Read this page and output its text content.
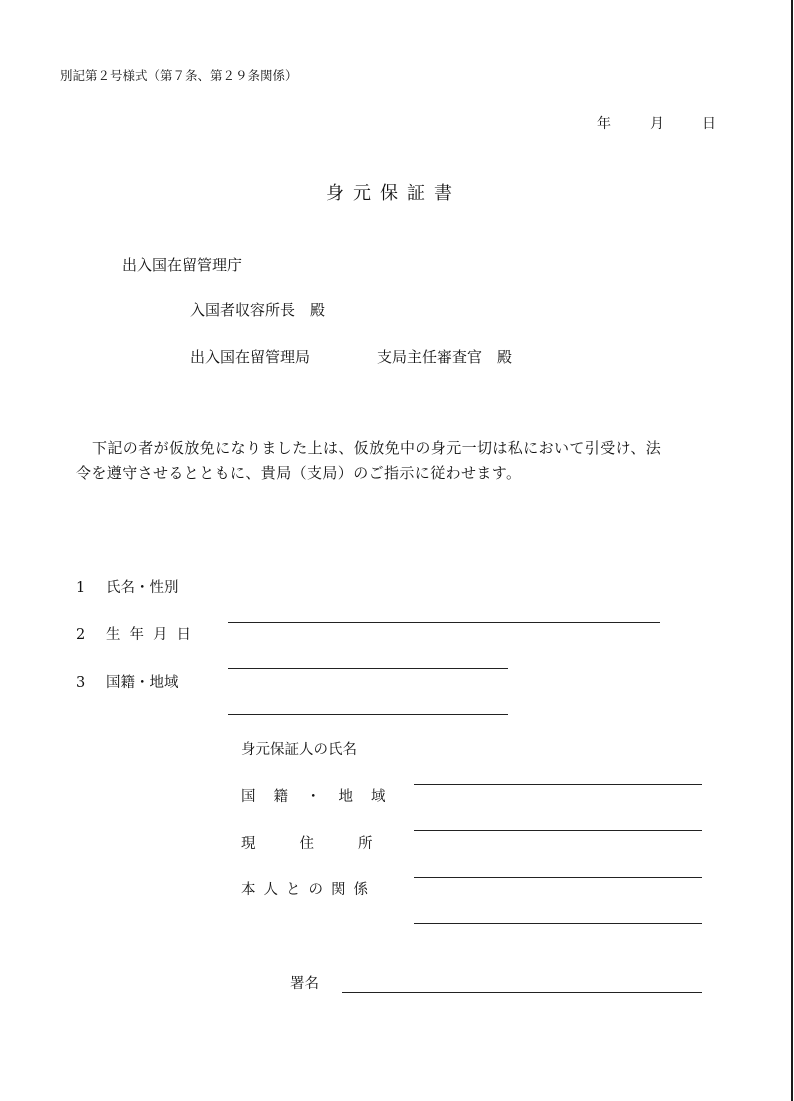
別記第２号様式（第７条、第２９条関係）
年	月	日
身元保証書
出入国在留管理庁
入国者収容所長　殿
出入国在留管理局	支局主任審査官　殿
下記の者が仮放免になりました上は、仮放免中の身元一切は私において引受け、法
令を遵守させるとともに、貴局（支局）のご指示に従わせます。
1 氏名・性別
2 生年月日
3 国籍・地域
身元保証人の氏名
国籍・地域
現住所
本人との関係
署名
